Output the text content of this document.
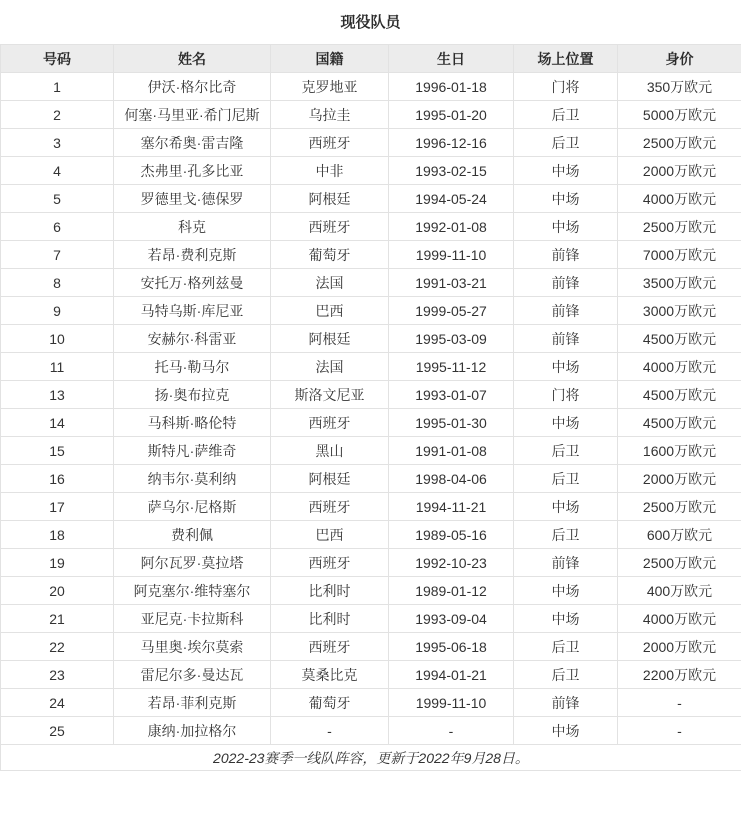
现役队员
号码	姓名	国籍	生日	场上位置	身价
1	伊沃·格尔比奇	克罗地亚	1996-01-18	门将	350万欧元
2	何塞·马里亚·希门尼斯	乌拉圭	1995-01-20	后卫	5000万欧元
3	塞尔希奥·雷吉隆	西班牙	1996-12-16	后卫	2500万欧元
4	杰弗里·孔多比亚	中非	1993-02-15	中场	2000万欧元
5	罗德里戈·德保罗	阿根廷	1994-05-24	中场	4000万欧元
6	科克	西班牙	1992-01-08	中场	2500万欧元
7	若昂·费利克斯	葡萄牙	1999-11-10	前锋	7000万欧元
8	安托万·格列兹曼	法国	1991-03-21	前锋	3500万欧元
9	马特乌斯·库尼亚	巴西	1999-05-27	前锋	3000万欧元
10	安赫尔·科雷亚	阿根廷	1995-03-09	前锋	4500万欧元
11	托马·勒马尔	法国	1995-11-12	中场	4000万欧元
13	扬·奥布拉克	斯洛文尼亚	1993-01-07	门将	4500万欧元
14	马科斯·略伦特	西班牙	1995-01-30	中场	4500万欧元
15	斯特凡·萨维奇	黑山	1991-01-08	后卫	1600万欧元
16	纳韦尔·莫利纳	阿根廷	1998-04-06	后卫	2000万欧元
17	萨乌尔·尼格斯	西班牙	1994-11-21	中场	2500万欧元
18	费利佩	巴西	1989-05-16	后卫	600万欧元
19	阿尔瓦罗·莫拉塔	西班牙	1992-10-23	前锋	2500万欧元
20	阿克塞尔·维特塞尔	比利时	1989-01-12	中场	400万欧元
21	亚尼克·卡拉斯科	比利时	1993-09-04	中场	4000万欧元
22	马里奥·埃尔莫索	西班牙	1995-06-18	后卫	2000万欧元
23	雷尼尔多·曼达瓦	莫桑比克	1994-01-21	后卫	2200万欧元
24	若昂·菲利克斯	葡萄牙	1999-11-10	前锋	-
25	康纳·加拉格尔	-	-	中场	-
2022-23赛季一线队阵容，更新于2022年9月28日。					
